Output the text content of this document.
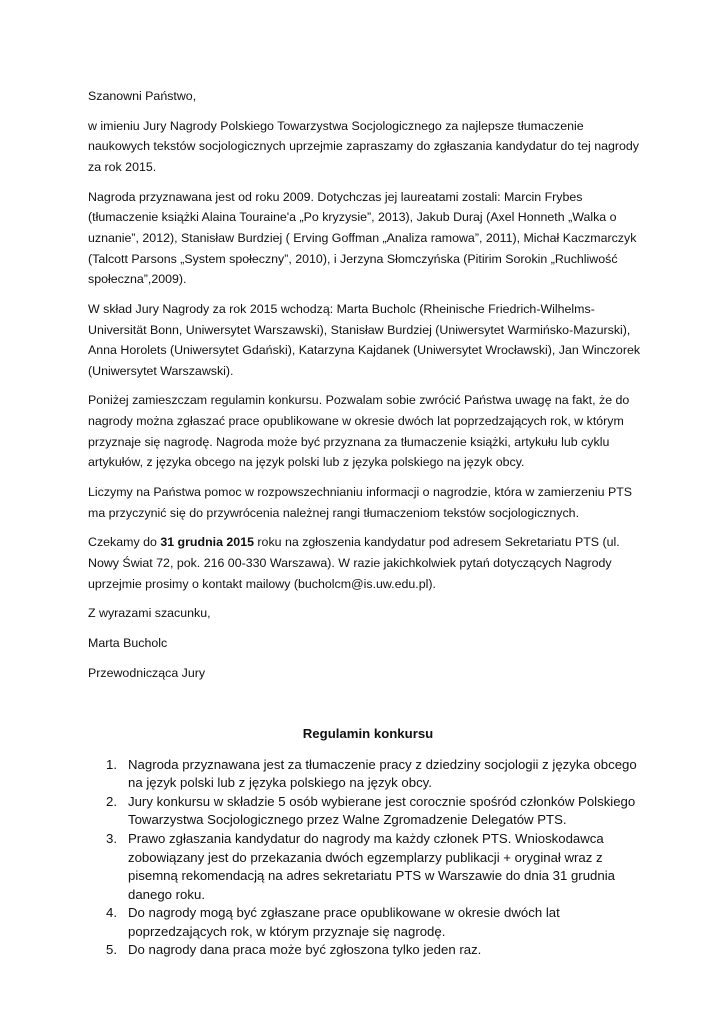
Szanowni Państwo,

w imieniu Jury Nagrody Polskiego Towarzystwa Socjologicznego za najlepsze tłumaczenie naukowych tekstów socjologicznych uprzejmie zapraszamy do zgłaszania kandydatur do tej nagrody za rok 2015.

Nagroda przyznawana jest od roku 2009. Dotychczas jej laureatami zostali: Marcin Frybes (tłumaczenie książki Alaina Touraine'a „Po kryzysie”, 2013), Jakub Duraj (Axel Honneth „Walka o uznanie”, 2012), Stanisław Burdziej ( Erving Goffman „Analiza ramowa”, 2011), Michał Kaczmarczyk (Talcott Parsons „System społeczny”, 2010), i Jerzyna Słomczyńska (Pitirim Sorokin „Ruchliwość społeczna”,2009).

W skład Jury Nagrody za rok 2015 wchodzą: Marta Bucholc (Rheinische Friedrich-Wilhelms-Universität Bonn, Uniwersytet Warszawski), Stanisław Burdziej (Uniwersytet Warmińsko-Mazurski), Anna Horolets (Uniwersytet Gdański), Katarzyna Kajdanek (Uniwersytet Wrocławski), Jan Winczorek (Uniwersytet Warszawski).

Poniżej zamieszczam regulamin konkursu. Pozwalam sobie zwrócić Państwa uwagę na fakt, że do nagrody można zgłaszać prace opublikowane w okresie dwóch lat poprzedzających rok, w którym przyznaje się nagrodę. Nagroda może być przyznana za tłumaczenie książki, artykułu lub cyklu artykułów, z języka obcego na język polski lub z języka polskiego na język obcy.

Liczymy na Państwa pomoc w rozpowszechnianiu informacji o nagrodzie, która w zamierzeniu PTS ma przyczynić się do przywrócenia należnej rangi tłumaczeniom tekstów socjologicznych.

Czekamy do 31 grudnia 2015 roku na zgłoszenia kandydatur pod adresem Sekretariatu PTS (ul. Nowy Świat 72, pok. 216 00-330 Warszawa). W razie jakichkolwiek pytań dotyczących Nagrody uprzejmie prosimy o kontakt mailowy (bucholcm@is.uw.edu.pl).

Z wyrazami szacunku,

Marta Bucholc

Przewodnicząca Jury

Regulamin konkursu
1. Nagroda przyznawana jest za tłumaczenie pracy z dziedziny socjologii z języka obcego na język polski lub z języka polskiego na język obcy.
2. Jury konkursu w składzie 5 osób wybierane jest corocznie spośród członków Polskiego Towarzystwa Socjologicznego przez Walne Zgromadzenie Delegatów PTS.
3. Prawo zgłaszania kandydatur do nagrody ma każdy członek PTS. Wnioskodawca zobowiązany jest do przekazania dwóch egzemplarzy publikacji + oryginał wraz z pisemną rekomendacją na adres sekretariatu PTS w Warszawie do dnia 31 grudnia danego roku.
4. Do nagrody mogą być zgłaszane prace opublikowane w okresie dwóch lat poprzedzających rok, w którym przyznaje się nagrodę.
5. Do nagrody dana praca może być zgłoszona tylko jeden raz.
